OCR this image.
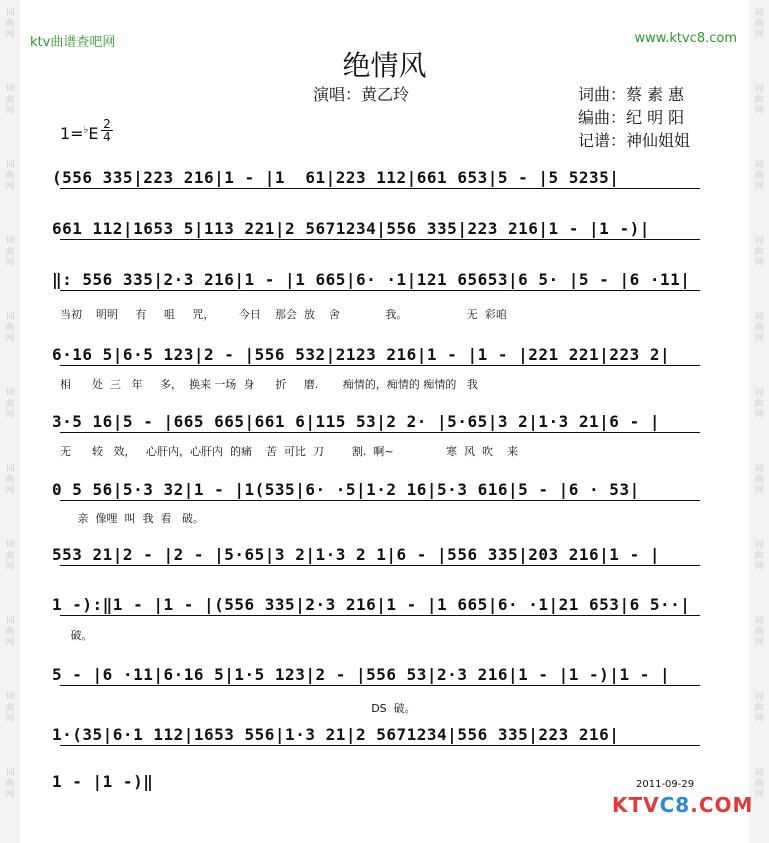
词
曲
网
词
曲
网
词
曲
网
词
曲
网
词
曲
网
词
曲
网
词
曲
网
词
曲
网
词
曲
网
词
曲
网
词
曲
网
词
曲
网
词
曲
网
词
曲
网
词
曲
网
词
曲
网
词
曲
网
词
曲
网
词
曲
网
词
曲
网
词
曲
网
词
曲
网
ktv曲谱查吧网	www.ktvc8.com
绝情风
演唱：黄乙玲	词曲：蔡 素 惠
编曲：纪 明 阳
记谱：神仙姐姐
1=♭E 2
4
(556 335|223 216|1 - |1  61|223 112|661 653|5 - |5 5235|
661 112|1653 5|113 221|2 5671234|556 335|223 216|1 - |1 -)|
‖: 556 335|2·3 216|1 - |1 665|6· ·1|121 65653|6 5· |5 - |6 ·11|
当初    明明     有     咀     咒，       今日    那会  放    舍             我。                 无  彩咱
6·16 5|6·5 123|2 - |556 532|2123 216|1 - |1 - |221 221|223 2|
相      处  三   年     多，  换来 一场  身      折     磨.       痴情的，痴情的 痴情的   我
3·5 16|5 - |665 665|661 6|115 53|2 2· |5·65|3 2|1·3 21|6 - |
无      较   效，   心肝内，心肝内  的痛    苦  可比  刀        割.  啊~               寒  风  吹    来
0 5 56|5·3 32|1 - |1(535|6· ·5|1·2 16|5·3 616|5 - |6 · 53|
亲  像哩  叫  我  看   破。
553 21|2 - |2 - |5·65|3 2|1·3 2 1|6 - |556 335|203 216|1 - |
1 -):‖1 - |1 - |(556 335|2·3 216|1 - |1 665|6· ·1|21 653|6 5··|
破。
5 - |6 ·11|6·16 5|1·5 123|2 - |556 53|2·3 216|1 - |1 -)|1 - |
DS  破。
1·(35|6·1 112|1653 556|1·3 21|2 5671234|556 335|223 216|
1 - |1 -)‖	2011-09-29
KTVC8.COM
